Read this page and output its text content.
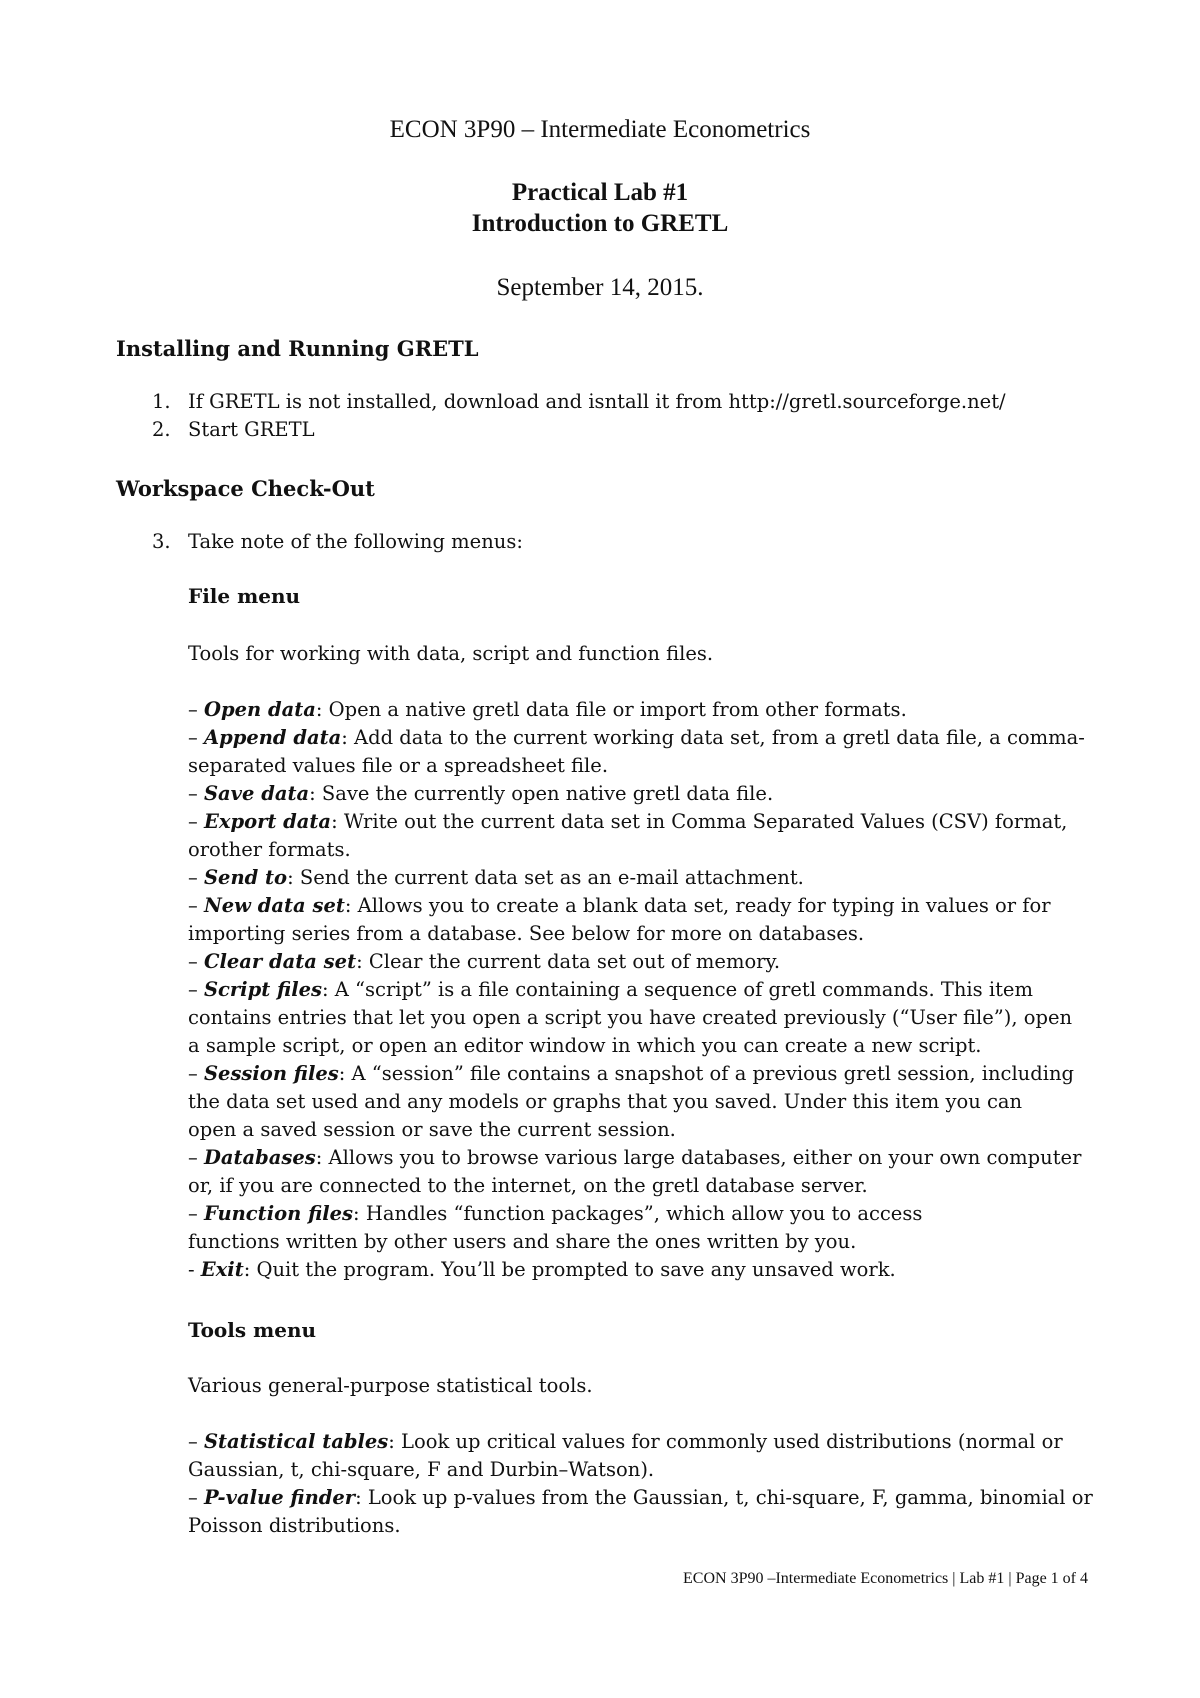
ECON 3P90 – Intermediate Econometrics
Practical Lab #1
Introduction to GRETL
September 14, 2015.
Installing and Running GRETL
1. If GRETL is not installed, download and isntall it from http://gretl.sourceforge.net/
2. Start GRETL
Workspace Check-Out
3. Take note of the following menus:
File menu
Tools for working with data, script and function files.
– Open data: Open a native gretl data file or import from other formats.
– Append data: Add data to the current working data set, from a gretl data file, a comma-
separated values file or a spreadsheet file.
– Save data: Save the currently open native gretl data file.
– Export data: Write out the current data set in Comma Separated Values (CSV) format,
orother formats.
– Send to: Send the current data set as an e-mail attachment.
– New data set: Allows you to create a blank data set, ready for typing in values or for
importing series from a database. See below for more on databases.
– Clear data set: Clear the current data set out of memory.
– Script files: A “script” is a file containing a sequence of gretl commands. This item
contains entries that let you open a script you have created previously (“User file”), open
a sample script, or open an editor window in which you can create a new script.
– Session files: A “session” file contains a snapshot of a previous gretl session, including
the data set used and any models or graphs that you saved. Under this item you can
open a saved session or save the current session.
– Databases: Allows you to browse various large databases, either on your own computer
or, if you are connected to the internet, on the gretl database server.
– Function files: Handles “function packages”, which allow you to access
functions written by other users and share the ones written by you.
- Exit: Quit the program. You’ll be prompted to save any unsaved work.
Tools menu
Various general-purpose statistical tools.
– Statistical tables: Look up critical values for commonly used distributions (normal or
Gaussian, t, chi-square, F and Durbin–Watson).
– P-value finder: Look up p-values from the Gaussian, t, chi-square, F, gamma, binomial or
Poisson distributions.
ECON 3P90 –Intermediate Econometrics | Lab #1 | Page 1 of 4
